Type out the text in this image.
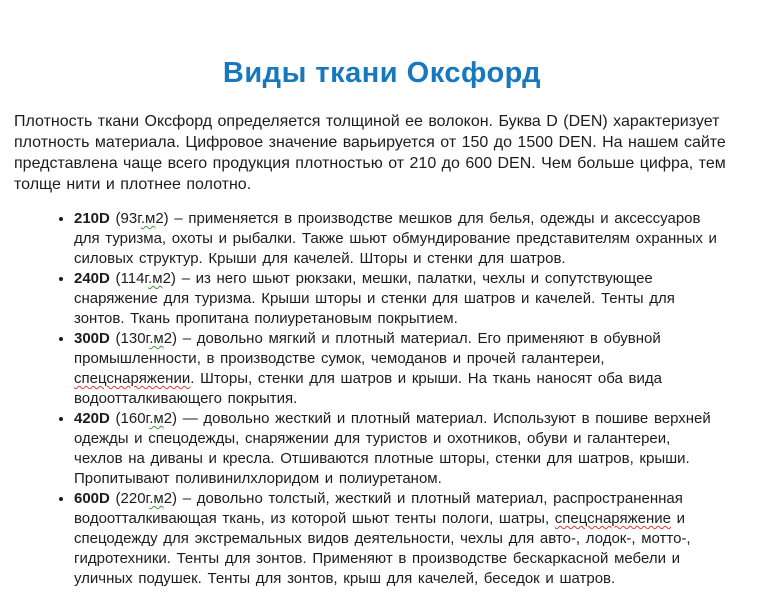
Виды ткани Оксфорд

Плотность ткани Оксфорд определяется толщиной ее волокон. Буква D (DEN) характеризует плотность материала. Цифровое значение варьируется от 150 до 1500 DEN. На нашем сайте представлена чаще всего продукция плотностью от 210 до 600 DEN. Чем больше цифра, тем толще нити и плотнее полотно.

• 210D (93г.м2) – применяется в производстве мешков для белья, одежды и аксессуаров для туризма, охоты и рыбалки. Также шьют обмундирование представителям охранных и силовых структур. Крыши для качелей. Шторы и стенки для шатров.
• 240D (114г.м2) – из него шьют рюкзаки, мешки, палатки, чехлы и сопутствующее снаряжение для туризма. Крыши шторы и стенки для шатров и качелей. Тенты для зонтов. Ткань пропитана полиуретановым покрытием.
• 300D (130г.м2) – довольно мягкий и плотный материал. Его применяют в обувной промышленности, в производстве сумок, чемоданов и прочей галантереи, спецснаряжении. Шторы, стенки для шатров и крыши. На ткань наносят оба вида водоотталкивающего покрытия.
• 420D (160г.м2) — довольно жесткий и плотный материал. Используют в пошиве верхней одежды и спецодежды, снаряжении для туристов и охотников, обуви и галантереи, чехлов на диваны и кресла. Отшиваются плотные шторы, стенки для шатров, крыши. Пропитывают поливинилхлоридом и полиуретаном.
• 600D (220г.м2) – довольно толстый, жесткий и плотный материал, распространенная водоотталкивающая ткань, из которой шьют тенты пологи, шатры, спецснаряжение и спецодежду для экстремальных видов деятельности, чехлы для авто-, лодок-, мотто-, гидротехники. Тенты для зонтов. Применяют в производстве бескаркасной мебели и уличных подушек. Тенты для зонтов, крыш для качелей, беседок и шатров.
